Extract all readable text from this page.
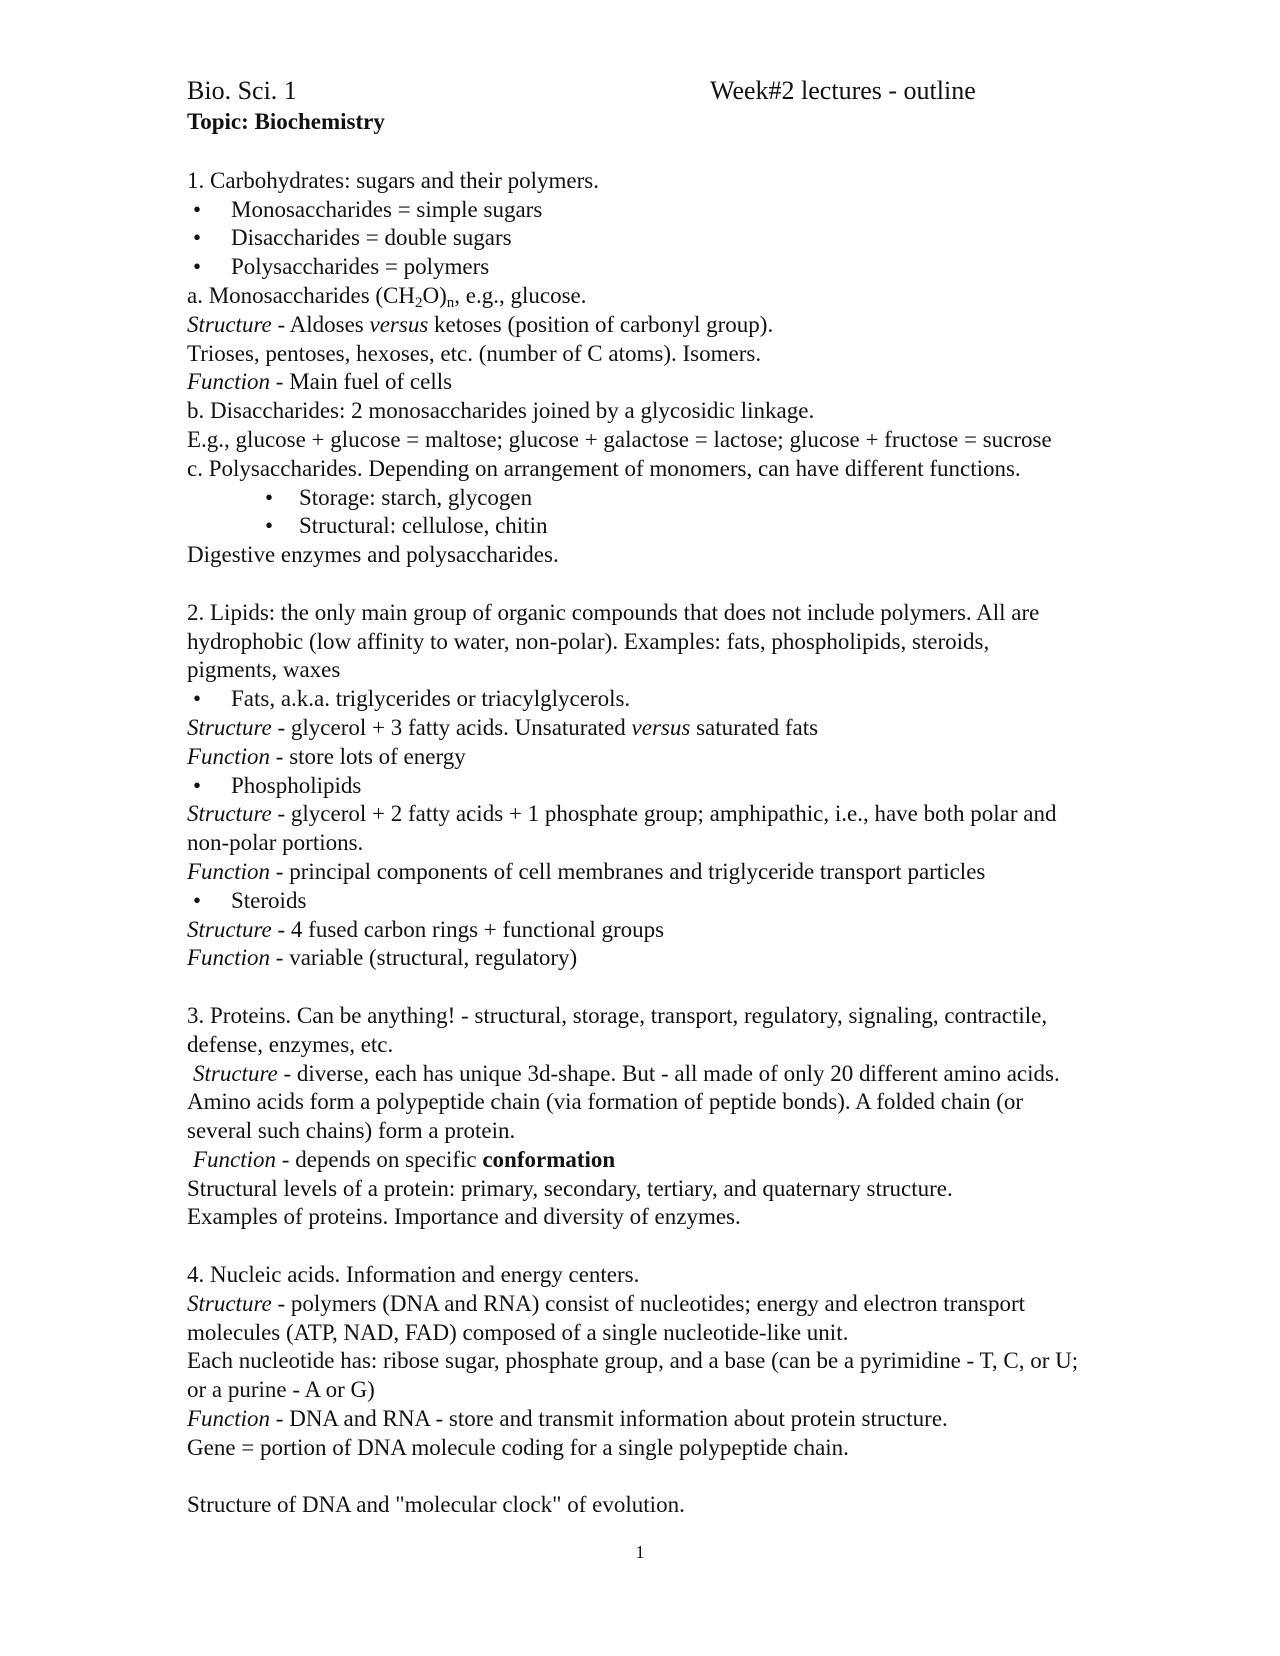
Bio. Sci. 1	Week#2 lectures - outline
Topic: Biochemistry
1. Carbohydrates: sugars and their polymers.
• Monosaccharides = simple sugars
• Disaccharides = double sugars
• Polysaccharides = polymers
a. Monosaccharides $(CH_2O)_n$, e.g., glucose.
Structure - Aldoses versus ketoses (position of carbonyl group).
Trioses, pentoses, hexoses, etc. (number of C atoms). Isomers.
Function - Main fuel of cells
b. Disaccharides: 2 monosaccharides joined by a glycosidic linkage.
E.g., glucose + glucose = maltose; glucose + galactose = lactose; glucose + fructose = sucrose
c. Polysaccharides. Depending on arrangement of monomers, can have different functions.
• Storage: starch, glycogen
• Structural: cellulose, chitin
Digestive enzymes and polysaccharides.
2. Lipids: the only main group of organic compounds that does not include polymers. All are
hydrophobic (low affinity to water, non-polar). Examples: fats, phospholipids, steroids,
pigments, waxes
• Fats, a.k.a. triglycerides or triacylglycerols.
Structure - glycerol + 3 fatty acids. Unsaturated versus saturated fats
Function - store lots of energy
• Phospholipids
Structure - glycerol + 2 fatty acids + 1 phosphate group; amphipathic, i.e., have both polar and
non-polar portions.
Function - principal components of cell membranes and triglyceride transport particles
• Steroids
Structure - 4 fused carbon rings + functional groups
Function - variable (structural, regulatory)
3. Proteins. Can be anything! - structural, storage, transport, regulatory, signaling, contractile,
defense, enzymes, etc.
Structure - diverse, each has unique 3d-shape. But - all made of only 20 different amino acids.
Amino acids form a polypeptide chain (via formation of peptide bonds). A folded chain (or
several such chains) form a protein.
Function - depends on specific conformation
Structural levels of a protein: primary, secondary, tertiary, and quaternary structure.
Examples of proteins. Importance and diversity of enzymes.
4. Nucleic acids. Information and energy centers.
Structure - polymers (DNA and RNA) consist of nucleotides; energy and electron transport
molecules (ATP, NAD, FAD) composed of a single nucleotide-like unit.
Each nucleotide has: ribose sugar, phosphate group, and a base (can be a pyrimidine - T, C, or U;
or a purine - A or G)
Function - DNA and RNA - store and transmit information about protein structure.
Gene = portion of DNA molecule coding for a single polypeptide chain.
Structure of DNA and "molecular clock" of evolution.
1
